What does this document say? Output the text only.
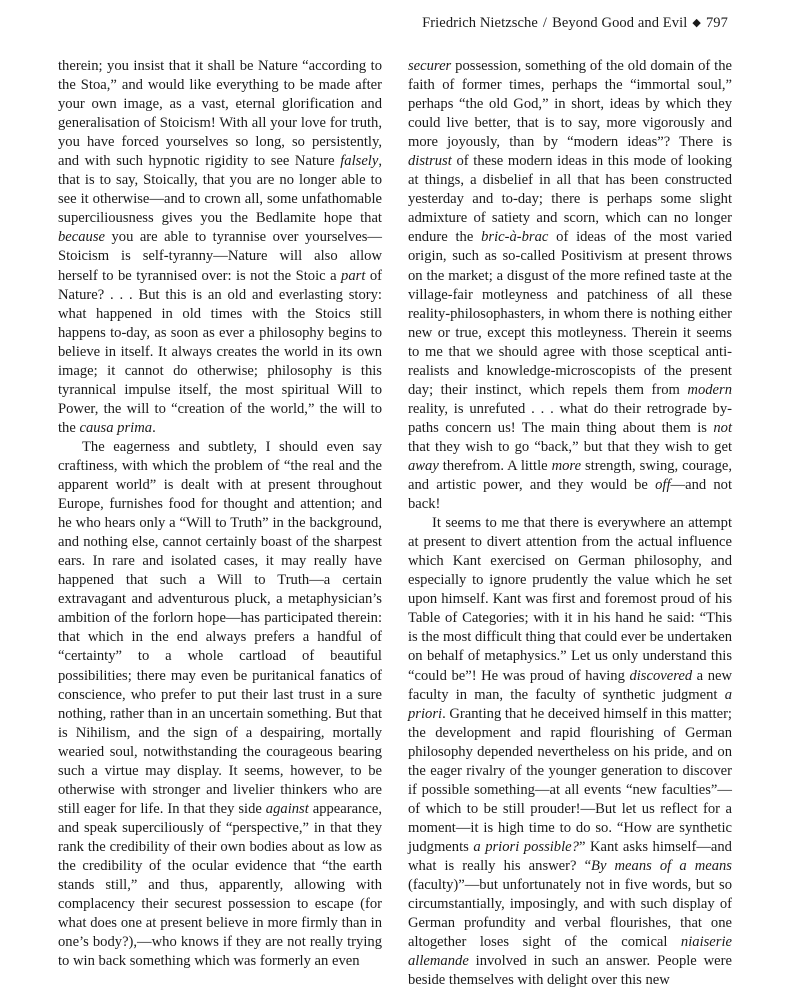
Friedrich Nietzsche / Beyond Good and Evil ◆ 797

therein; you insist that it shall be Nature “according to the Stoa,” and would like everything to be made after your own image, as a vast, eternal glorification and generalisation of Stoicism! With all your love for truth, you have forced yourselves so long, so persistently, and with such hypnotic rigidity to see Nature falsely, that is to say, Stoically, that you are no longer able to see it otherwise—and to crown all, some unfathomable superciliousness gives you the Bedlamite hope that because you are able to tyrannise over yourselves—Stoicism is self-tyranny—Nature will also allow herself to be tyrannised over: is not the Stoic a part of Nature? . . . But this is an old and everlasting story: what happened in old times with the Stoics still happens to-day, as soon as ever a philosophy begins to believe in itself. It always creates the world in its own image; it cannot do otherwise; philosophy is this tyrannical impulse itself, the most spiritual Will to Power, the will to “creation of the world,” the will to the causa prima.

The eagerness and subtlety, I should even say craftiness, with which the problem of “the real and the apparent world” is dealt with at present throughout Europe, furnishes food for thought and attention; and he who hears only a “Will to Truth” in the background, and nothing else, cannot certainly boast of the sharpest ears. In rare and isolated cases, it may really have happened that such a Will to Truth—a certain extravagant and adventurous pluck, a metaphysician’s ambition of the forlorn hope—has participated therein: that which in the end always prefers a handful of “certainty” to a whole cartload of beautiful possibilities; there may even be puritanical fanatics of conscience, who prefer to put their last trust in a sure nothing, rather than in an uncertain something. But that is Nihilism, and the sign of a despairing, mortally wearied soul, notwithstanding the courageous bearing such a virtue may display. It seems, however, to be otherwise with stronger and livelier thinkers who are still eager for life. In that they side against appearance, and speak superciliously of “perspective,” in that they rank the credibility of their own bodies about as low as the credibility of the ocular evidence that “the earth stands still,” and thus, apparently, allowing with complacency their securest possession to escape (for what does one at present believe in more firmly than in one’s body?),—who knows if they are not really trying to win back something which was formerly an even

securer possession, something of the old domain of the faith of former times, perhaps the “immortal soul,” perhaps “the old God,” in short, ideas by which they could live better, that is to say, more vigorously and more joyously, than by “modern ideas”? There is distrust of these modern ideas in this mode of looking at things, a disbelief in all that has been constructed yesterday and to-day; there is perhaps some slight admixture of satiety and scorn, which can no longer endure the bric-à-brac of ideas of the most varied origin, such as so-called Positivism at present throws on the market; a disgust of the more refined taste at the village-fair motleyness and patchiness of all these reality-philosophasters, in whom there is nothing either new or true, except this motleyness. Therein it seems to me that we should agree with those sceptical anti-realists and knowledge-microscopists of the present day; their instinct, which repels them from modern reality, is unrefuted . . . what do their retrograde by-paths concern us! The main thing about them is not that they wish to go “back,” but that they wish to get away therefrom. A little more strength, swing, courage, and artistic power, and they would be off—and not back!

It seems to me that there is everywhere an attempt at present to divert attention from the actual influence which Kant exercised on German philosophy, and especially to ignore prudently the value which he set upon himself. Kant was first and foremost proud of his Table of Categories; with it in his hand he said: “This is the most difficult thing that could ever be undertaken on behalf of metaphysics.” Let us only understand this “could be”! He was proud of having discovered a new faculty in man, the faculty of synthetic judgment a priori. Granting that he deceived himself in this matter; the development and rapid flourishing of German philosophy depended nevertheless on his pride, and on the eager rivalry of the younger generation to discover if possible something—at all events “new faculties”—of which to be still prouder!—But let us reflect for a moment—it is high time to do so. “How are synthetic judgments a priori possible?” Kant asks himself—and what is really his answer? “By means of a means (faculty)”—but unfortunately not in five words, but so circumstantially, imposingly, and with such display of German profundity and verbal flourishes, that one altogether loses sight of the comical niaiserie allemande involved in such an answer. People were beside themselves with delight over this new
